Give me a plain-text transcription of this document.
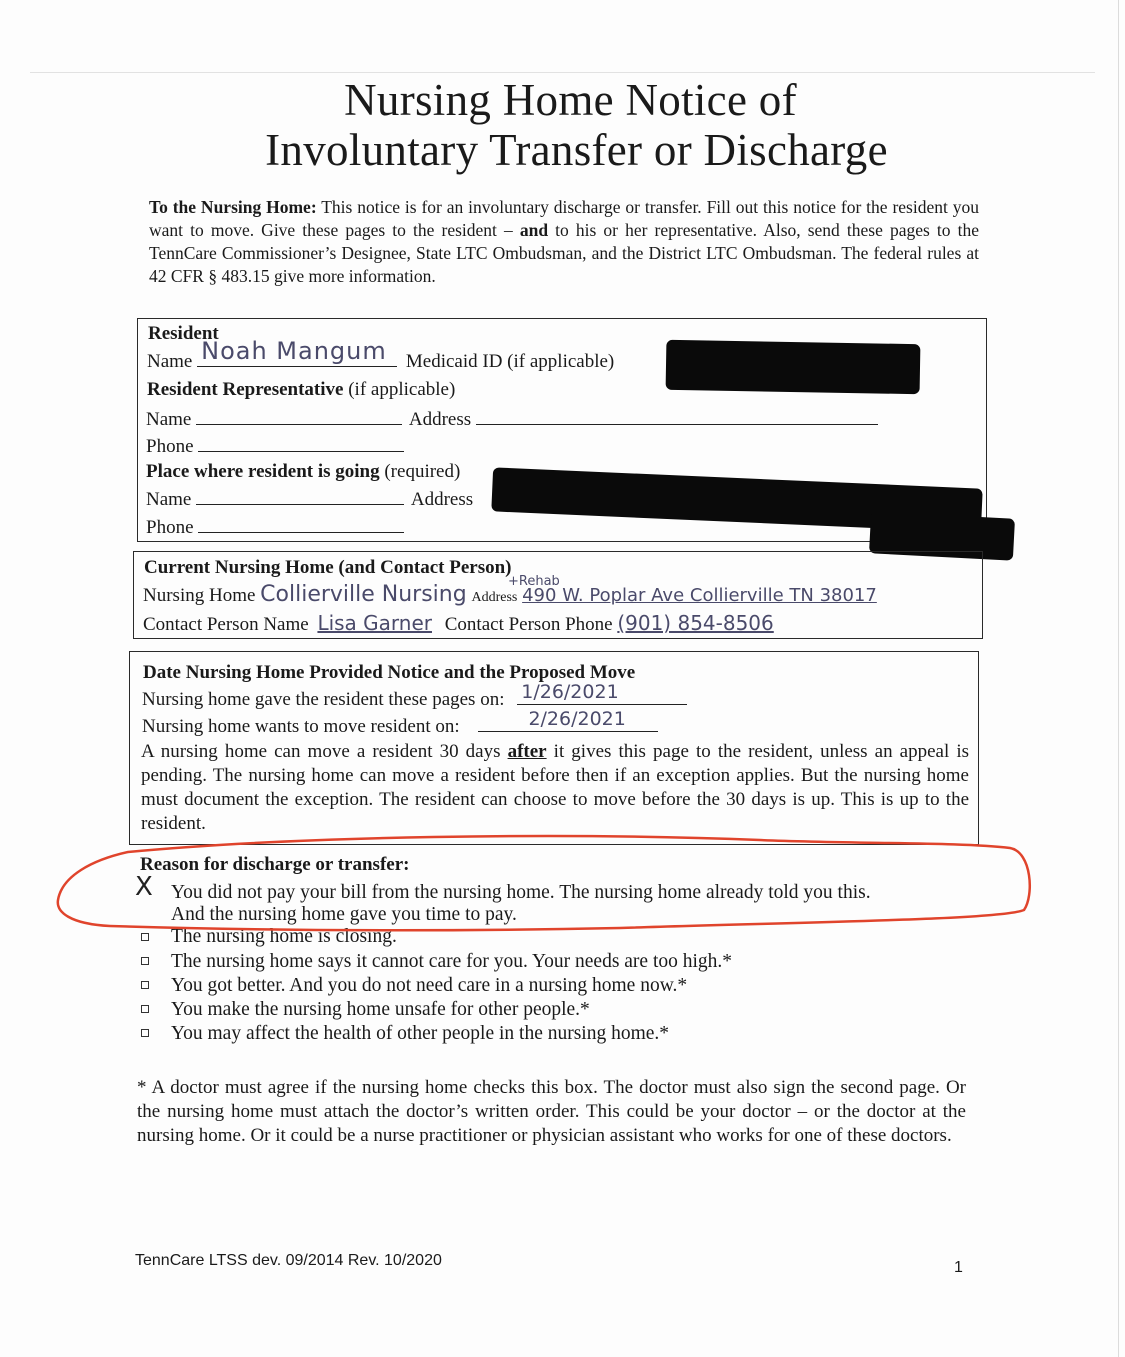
Nursing Home Notice of
Involuntary Transfer or Discharge
To the Nursing Home: This notice is for an involuntary discharge or transfer. Fill out this notice for the resident you want to move. Give these pages to the resident – and to his or her representative. Also, send these pages to the TennCare Commissioner’s Designee, State LTC Ombudsman, and the District LTC Ombudsman. The federal rules at 42 CFR § 483.15 give more information.
Resident
Name Noah Mangum Medicaid ID (if applicable)
Resident Representative (if applicable)
Name	Address
Phone
Place where resident is going (required)
Name	Address
Phone
Current Nursing Home (and Contact Person)
Nursing Home Collierville Nursing Address 490 W. Poplar Ave Collierville TN 38017
+Rehab
Contact Person Name Lisa Garner Contact Person Phone (901) 854-8506
Date Nursing Home Provided Notice and the Proposed Move
Nursing home gave the resident these pages on: 1/26/2021
Nursing home wants to move resident on:	2/26/2021
A nursing home can move a resident 30 days after it gives this page to the resident, unless an appeal is pending. The nursing home can move a resident before then if an exception applies. But the nursing home must document the exception. The resident can choose to move before the 30 days is up. This is up to the resident.
Reason for discharge or transfer:
X You did not pay your bill from the nursing home. The nursing home already told you this.
And the nursing home gave you time to pay.
The nursing home is closing.
The nursing home says it cannot care for you. Your needs are too high.*
You got better. And you do not need care in a nursing home now.*
You make the nursing home unsafe for other people.*
You may affect the health of other people in the nursing home.*
* A doctor must agree if the nursing home checks this box. The doctor must also sign the second page. Or the nursing home must attach the doctor’s written order. This could be your doctor – or the doctor at the nursing home. Or it could be a nurse practitioner or physician assistant who works for one of these doctors.
TennCare LTSS dev. 09/2014 Rev. 10/2020	1
